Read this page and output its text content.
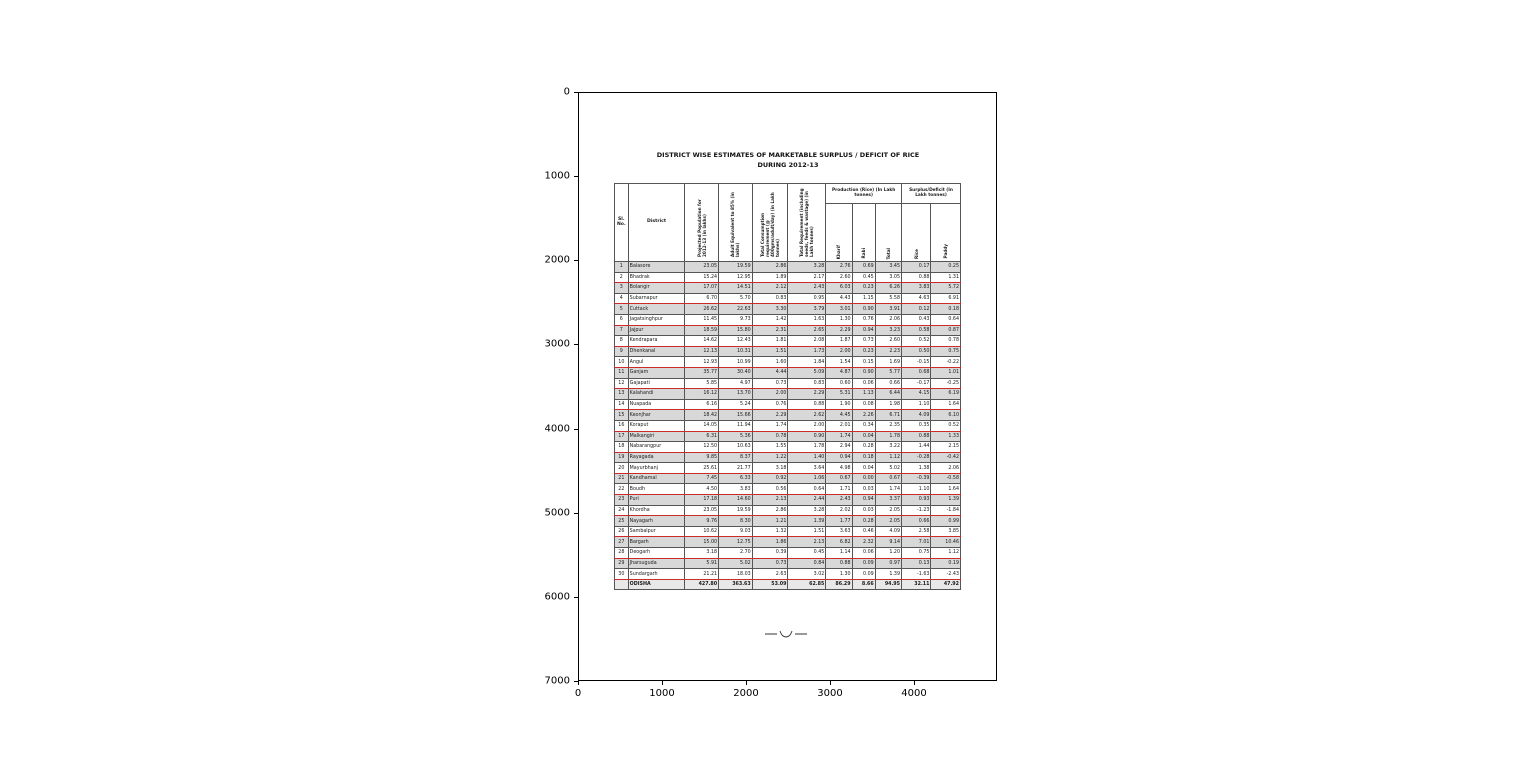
0
1000
2000
3000
4000
5000
6000
7000
0	1000	2000	3000	4000
DISTRICT WISE ESTIMATES OF MARKETABLE SURPLUS / DEFICIT OF RICE
DURING 2012-13
Sl. No.	District	Projected Population for 2012-13 (in lakhs)	Adult Equivalent to 85% (in lakhs)	Total Consumption requirement (@ 400gms/adult/day) (in Lakh tonnes)	Total Requirement (including seeds, feeds & wastage) (in Lakh tonnes)	Production (Rice) (In Lakh tonnes)			Surplus/Deficit (In Lakh tonnes)	
						Kharif	Rabi	Total	Rice	Paddy
1	Balasore	23.05	19.59	2.86	3.28	2.76	0.69	3.45	0.17	0.25
2	Bhadrak	15.24	12.95	1.89	2.17	2.60	0.45	3.05	0.88	1.31
3	Bolangir	17.07	14.51	2.12	2.43	6.03	0.23	6.26	3.83	5.72
4	Subarnapur	6.70	5.70	0.83	0.95	4.43	1.15	5.58	4.63	6.91
5	Cuttack	26.62	22.63	3.30	3.79	3.01	0.90	3.91	0.12	0.18
6	Jagatsinghpur	11.45	9.73	1.42	1.63	1.30	0.76	2.06	0.43	0.64
7	Jajpur	18.59	15.80	2.31	2.65	2.29	0.94	3.23	0.58	0.87
8	Kendrapara	14.62	12.43	1.81	2.08	1.87	0.73	2.60	0.52	0.78
9	Dhenkanal	12.13	10.31	1.51	1.73	2.00	0.23	2.23	0.50	0.75
10	Angul	12.93	10.99	1.60	1.84	1.54	0.15	1.69	-0.15	-0.22
11	Ganjam	35.77	30.40	4.44	5.09	4.87	0.90	5.77	0.68	1.01
12	Gajapati	5.85	4.97	0.73	0.83	0.60	0.06	0.66	-0.17	-0.25
13	Kalahandi	16.12	13.70	2.00	2.29	5.31	1.13	6.44	4.15	6.19
14	Nuapada	6.16	5.24	0.76	0.88	1.90	0.08	1.98	1.10	1.64
15	Keonjhar	18.42	15.66	2.29	2.62	4.45	2.26	6.71	4.09	6.10
16	Koraput	14.05	11.94	1.74	2.00	2.01	0.34	2.35	0.35	0.52
17	Malkangiri	6.31	5.36	0.78	0.90	1.74	0.04	1.78	0.88	1.33
18	Nabarangpur	12.50	10.63	1.55	1.78	2.94	0.28	3.22	1.44	2.15
19	Rayagada	9.85	8.37	1.22	1.40	0.94	0.18	1.12	-0.28	-0.42
20	Mayurbhanj	25.61	21.77	3.18	3.64	4.98	0.04	5.02	1.38	2.06
21	Kandhamal	7.45	6.33	0.92	1.06	0.67	0.00	0.67	-0.39	-0.58
22	Boudh	4.50	3.83	0.56	0.64	1.71	0.03	1.74	1.10	1.64
23	Puri	17.18	14.60	2.13	2.44	2.43	0.94	3.37	0.93	1.39
24	Khordha	23.05	19.59	2.86	3.28	2.02	0.03	2.05	-1.23	-1.84
25	Nayagarh	9.76	8.30	1.21	1.39	1.77	0.28	2.05	0.66	0.99
26	Sambalpur	10.62	9.03	1.32	1.51	3.63	0.46	4.09	2.58	3.85
27	Bargarh	15.00	12.75	1.86	2.13	6.82	2.32	9.14	7.01	10.46
28	Deogarh	3.18	2.70	0.39	0.45	1.14	0.06	1.20	0.75	1.12
29	Jharsuguda	5.91	5.02	0.73	0.84	0.88	0.09	0.97	0.13	0.19
30	Sundargarh	21.21	18.03	2.63	3.02	1.30	0.09	1.39	-1.63	-2.43
	ODISHA	427.80	363.63	53.09	62.85	86.29	8.66	94.95	32.11	47.92
